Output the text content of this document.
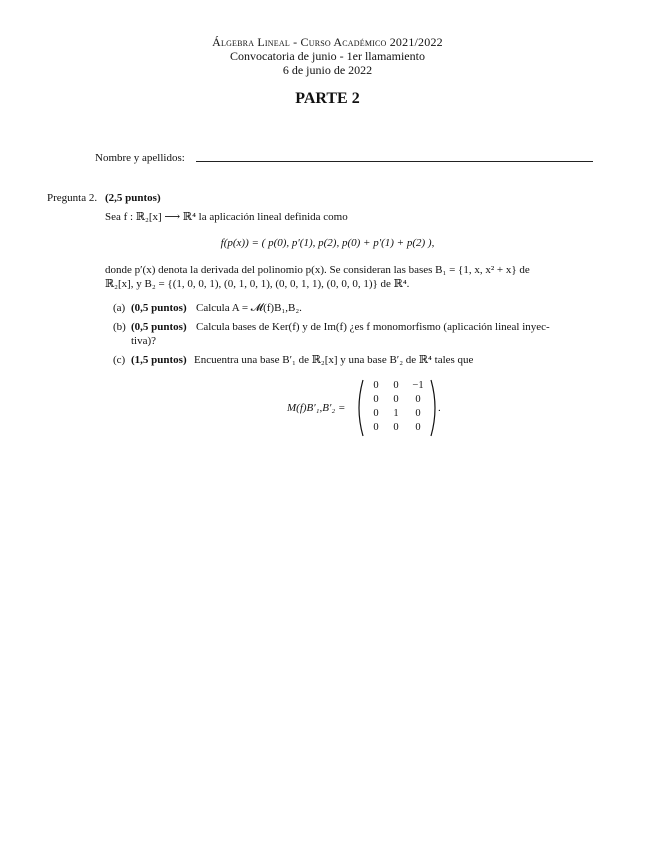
Álgebra Lineal - Curso Académico 2021/2022
Convocatoria de junio - 1er llamamiento
6 de junio de 2022
PARTE 2
Nombre y apellidos:
Pregunta 2. (2,5 puntos)
Sea f : ℝ₂[x] ⟶ ℝ⁴ la aplicación lineal definida como
f(p(x)) = ( p(0), p′(1), p(2), p(0) + p′(1) + p(2) ),
donde p′(x) denota la derivada del polinomio p(x). Se consideran las bases B₁ = {1, x, x² + x} de
ℝ₂[x], y B₂ = {(1, 0, 0, 1), (0, 1, 0, 1), (0, 0, 1, 1), (0, 0, 0, 1)} de ℝ⁴.
(a) (0,5 puntos) Calcula A = 𝓜(f)B₁,B₂.
(b) (0,5 puntos) Calcula bases de Ker(f) y de Im(f) ¿es f monomorfismo (aplicación lineal inyec-
tiva)?
(c) (1,5 puntos) Encuentra una base B′₁ de ℝ₂[x] y una base B′₂ de ℝ⁴ tales que
M(f)B′₁,B′₂ =
0	0	−1
0	0	0
0	1	0
0	0	0
.
